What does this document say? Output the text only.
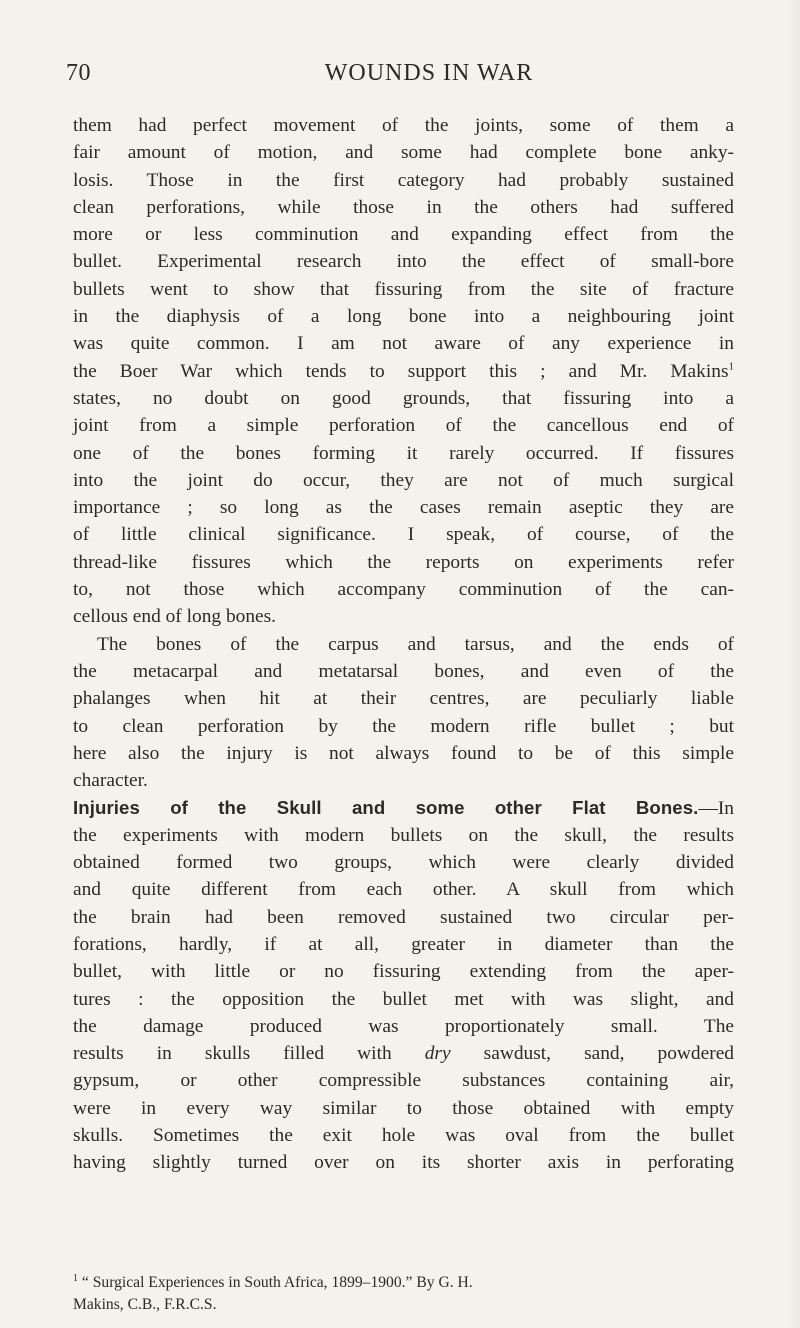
70	WOUNDS IN WAR
them had perfect movement of the joints, some of them a
fair amount of motion, and some had complete bone anky-
losis. Those in the first category had probably sustained
clean perforations, while those in the others had suffered
more or less comminution and expanding effect from the
bullet. Experimental research into the effect of small-bore
bullets went to show that fissuring from the site of fracture
in the diaphysis of a long bone into a neighbouring joint
was quite common. I am not aware of any experience in
the Boer War which tends to support this ; and Mr. Makins$^1$
states, no doubt on good grounds, that fissuring into a
joint from a simple perforation of the cancellous end of
one of the bones forming it rarely occurred. If fissures
into the joint do occur, they are not of much surgical
importance ; so long as the cases remain aseptic they are
of little clinical significance. I speak, of course, of the
thread-like fissures which the reports on experiments refer
to, not those which accompany comminution of the can-
cellous end of long bones.
The bones of the carpus and tarsus, and the ends of
the metacarpal and metatarsal bones, and even of the
phalanges when hit at their centres, are peculiarly liable
to clean perforation by the modern rifle bullet ; but
here also the injury is not always found to be of this simple
character.
Injuries of the Skull and some other Flat Bones.—In
the experiments with modern bullets on the skull, the results
obtained formed two groups, which were clearly divided
and quite different from each other. A skull from which
the brain had been removed sustained two circular per-
forations, hardly, if at all, greater in diameter than the
bullet, with little or no fissuring extending from the aper-
tures : the opposition the bullet met with was slight, and
the damage produced was proportionately small. The
results in skulls filled with dry sawdust, sand, powdered
gypsum, or other compressible substances containing air,
were in every way similar to those obtained with empty
skulls. Sometimes the exit hole was oval from the bullet
having slightly turned over on its shorter axis in perforating
$^1$ “ Surgical Experiences in South Africa, 1899–1900.” By G. H.
Makins, C.B., F.R.C.S.
